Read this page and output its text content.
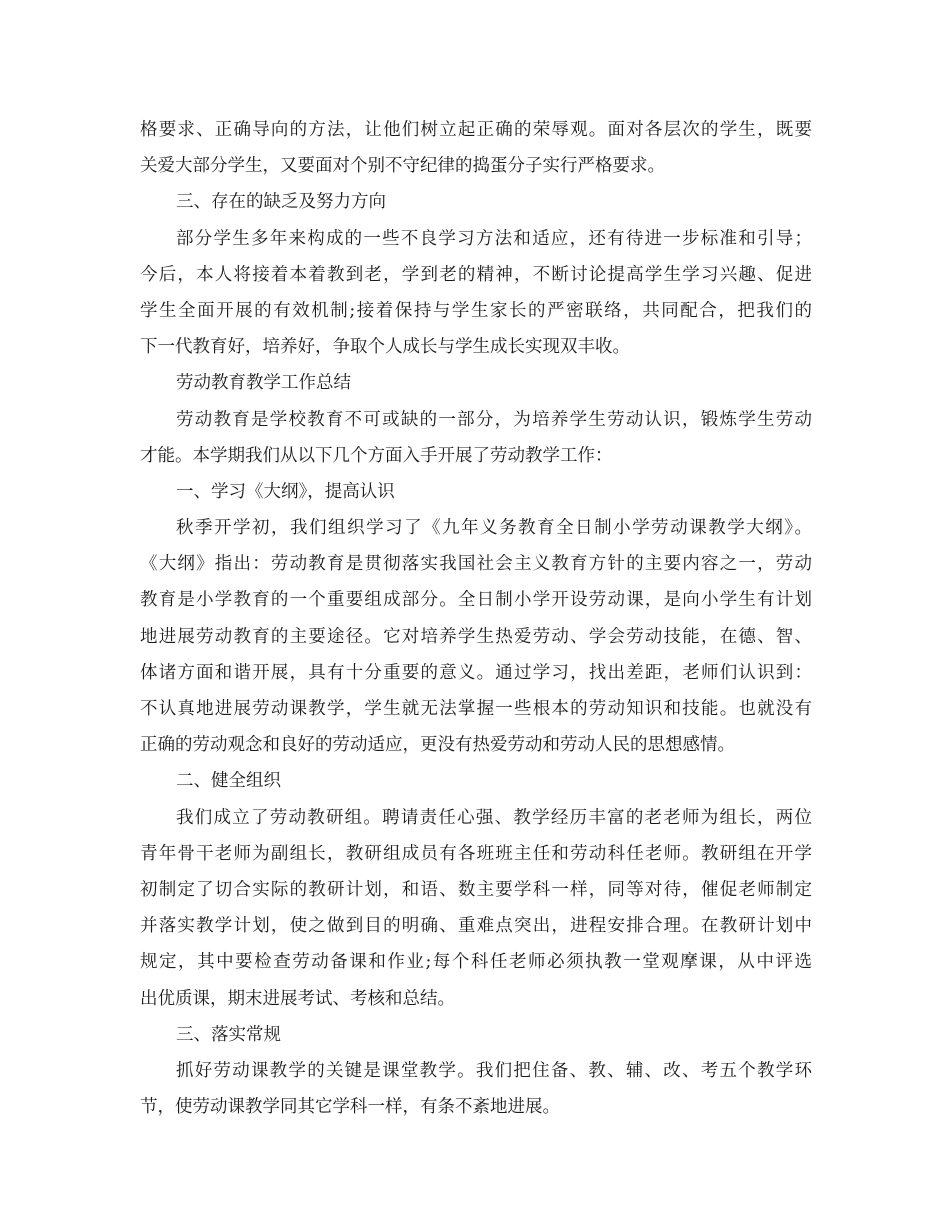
格要求、正确导向的方法，让他们树立起正确的荣辱观。面对各层次的学生，既要
关爱大部分学生，又要面对个别不守纪律的捣蛋分子实行严格要求。
三、存在的缺乏及努力方向
部分学生多年来构成的一些不良学习方法和适应，还有待进一步标准和引导；
今后，本人将接着本着教到老，学到老的精神，不断讨论提高学生学习兴趣、促进
学生全面开展的有效机制;接着保持与学生家长的严密联络，共同配合，把我们的
下一代教育好，培养好，争取个人成长与学生成长实现双丰收。
劳动教育教学工作总结
劳动教育是学校教育不可或缺的一部分，为培养学生劳动认识，锻炼学生劳动
才能。本学期我们从以下几个方面入手开展了劳动教学工作：
一、学习《大纲》，提高认识
秋季开学初，我们组织学习了《九年义务教育全日制小学劳动课教学大纲》。
《大纲》指出：劳动教育是贯彻落实我国社会主义教育方针的主要内容之一，劳动
教育是小学教育的一个重要组成部分。全日制小学开设劳动课，是向小学生有计划
地进展劳动教育的主要途径。它对培养学生热爱劳动、学会劳动技能，在德、智、
体诸方面和谐开展，具有十分重要的意义。通过学习，找出差距，老师们认识到：
不认真地进展劳动课教学，学生就无法掌握一些根本的劳动知识和技能。也就没有
正确的劳动观念和良好的劳动适应，更没有热爱劳动和劳动人民的思想感情。
二、健全组织
我们成立了劳动教研组。聘请责任心强、教学经历丰富的老老师为组长，两位
青年骨干老师为副组长，教研组成员有各班班主任和劳动科任老师。教研组在开学
初制定了切合实际的教研计划，和语、数主要学科一样，同等对待，催促老师制定
并落实教学计划，使之做到目的明确、重难点突出，进程安排合理。在教研计划中
规定，其中要检查劳动备课和作业;每个科任老师必须执教一堂观摩课，从中评选
出优质课，期末进展考试、考核和总结。
三、落实常规
抓好劳动课教学的关键是课堂教学。我们把住备、教、辅、改、考五个教学环
节，使劳动课教学同其它学科一样，有条不紊地进展。
